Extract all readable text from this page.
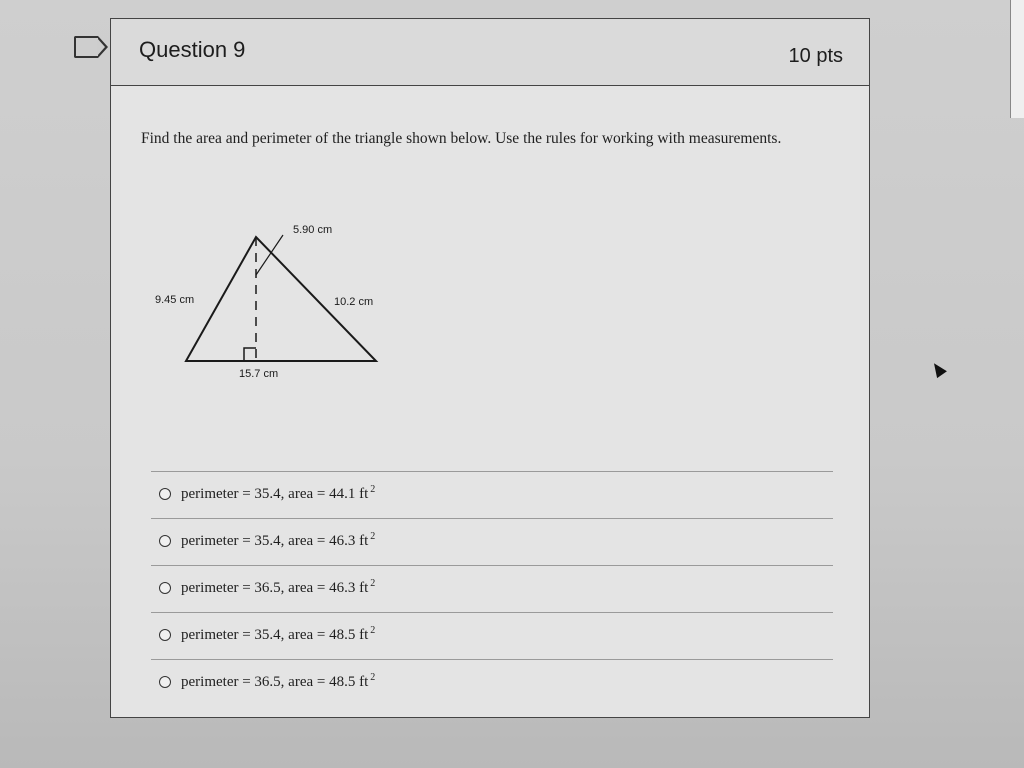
Question 9	10 pts
Find the area and perimeter of the triangle shown below. Use the rules for working with measurements.
5.90 cm
9.45 cm	10.2 cm
15.7 cm
perimeter = 35.4, area = 44.1 ft $^2$
perimeter = 35.4, area = 46.3 ft $^2$
perimeter = 36.5, area = 46.3 ft $^2$
perimeter = 35.4, area = 48.5 ft $^2$
perimeter = 36.5, area = 48.5 ft $^2$
